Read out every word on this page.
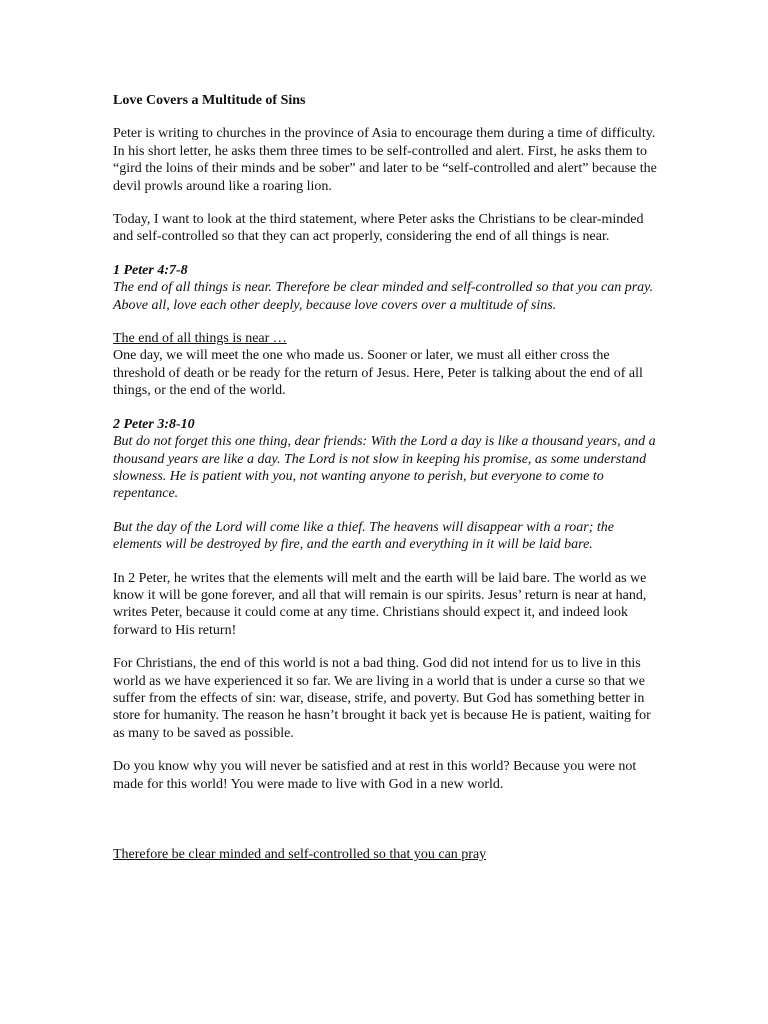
Love Covers a Multitude of Sins

Peter is writing to churches in the province of Asia to encourage them during a time of difficulty. In his short letter, he asks them three times to be self-controlled and alert. First, he asks them to “gird the loins of their minds and be sober” and later to be “self-controlled and alert” because the devil prowls around like a roaring lion.

Today, I want to look at the third statement, where Peter asks the Christians to be clear-minded and self-controlled so that they can act properly, considering the end of all things is near.

1 Peter 4:7-8
The end of all things is near. Therefore be clear minded and self-controlled so that you can pray. Above all, love each other deeply, because love covers over a multitude of sins.

The end of all things is near …
One day, we will meet the one who made us. Sooner or later, we must all either cross the threshold of death or be ready for the return of Jesus. Here, Peter is talking about the end of all things, or the end of the world.

2 Peter 3:8-10
But do not forget this one thing, dear friends: With the Lord a day is like a thousand years, and a thousand years are like a day. The Lord is not slow in keeping his promise, as some understand slowness. He is patient with you, not wanting anyone to perish, but everyone to come to repentance.

But the day of the Lord will come like a thief. The heavens will disappear with a roar; the elements will be destroyed by fire, and the earth and everything in it will be laid bare.

In 2 Peter, he writes that the elements will melt and the earth will be laid bare. The world as we know it will be gone forever, and all that will remain is our spirits. Jesus’ return is near at hand, writes Peter, because it could come at any time. Christians should expect it, and indeed look forward to His return!

For Christians, the end of this world is not a bad thing. God did not intend for us to live in this world as we have experienced it so far. We are living in a world that is under a curse so that we suffer from the effects of sin: war, disease, strife, and poverty. But God has something better in store for humanity. The reason he hasn’t brought it back yet is because He is patient, waiting for as many to be saved as possible.

Do you know why you will never be satisfied and at rest in this world? Because you were not made for this world! You were made to live with God in a new world.

Therefore be clear minded and self-controlled so that you can pray
